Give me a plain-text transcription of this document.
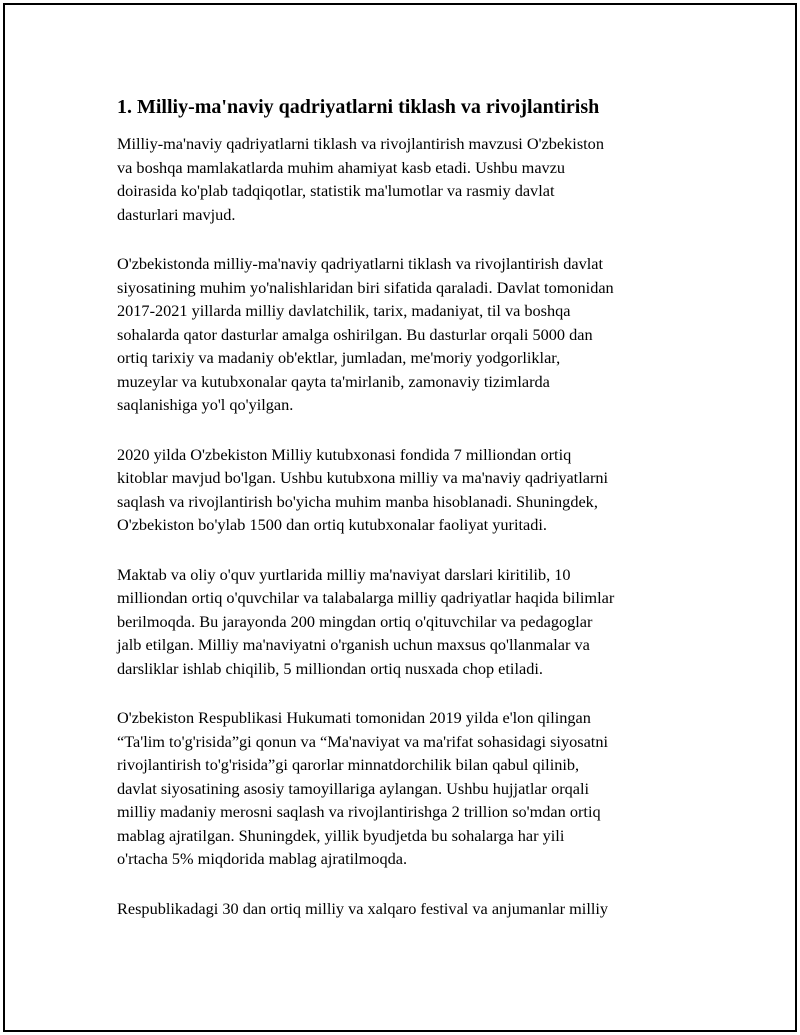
1. Milliy-ma'naviy qadriyatlarni tiklash va rivojlantirish
Milliy-ma'naviy qadriyatlarni tiklash va rivojlantirish mavzusi O'zbekiston
va boshqa mamlakatlarda muhim ahamiyat kasb etadi. Ushbu mavzu
doirasida ko'plab tadqiqotlar, statistik ma'lumotlar va rasmiy davlat
dasturlari mavjud.
O'zbekistonda milliy-ma'naviy qadriyatlarni tiklash va rivojlantirish davlat
siyosatining muhim yo'nalishlaridan biri sifatida qaraladi. Davlat tomonidan
2017-2021 yillarda milliy davlatchilik, tarix, madaniyat, til va boshqa
sohalarda qator dasturlar amalga oshirilgan. Bu dasturlar orqali 5000 dan
ortiq tarixiy va madaniy ob'ektlar, jumladan, me'moriy yodgorliklar,
muzeylar va kutubxonalar qayta ta'mirlanib, zamonaviy tizimlarda
saqlanishiga yo'l qo'yilgan.
2020 yilda O'zbekiston Milliy kutubxonasi fondida 7 milliondan ortiq
kitoblar mavjud bo'lgan. Ushbu kutubxona milliy va ma'naviy qadriyatlarni
saqlash va rivojlantirish bo'yicha muhim manba hisoblanadi. Shuningdek,
O'zbekiston bo'ylab 1500 dan ortiq kutubxonalar faoliyat yuritadi.
Maktab va oliy o'quv yurtlarida milliy ma'naviyat darslari kiritilib, 10
milliondan ortiq o'quvchilar va talabalarga milliy qadriyatlar haqida bilimlar
berilmoqda. Bu jarayonda 200 mingdan ortiq o'qituvchilar va pedagoglar
jalb etilgan. Milliy ma'naviyatni o'rganish uchun maxsus qo'llanmalar va
darsliklar ishlab chiqilib, 5 milliondan ortiq nusxada chop etiladi.
O'zbekiston Respublikasi Hukumati tomonidan 2019 yilda e'lon qilingan
“Ta'lim to'g'risida”gi qonun va “Ma'naviyat va ma'rifat sohasidagi siyosatni
rivojlantirish to'g'risida”gi qarorlar minnatdorchilik bilan qabul qilinib,
davlat siyosatining asosiy tamoyillariga aylangan. Ushbu hujjatlar orqali
milliy madaniy merosni saqlash va rivojlantirishga 2 trillion so'mdan ortiq
mablag ajratilgan. Shuningdek, yillik byudjetda bu sohalarga har yili
o'rtacha 5% miqdorida mablag ajratilmoqda.
Respublikadagi 30 dan ortiq milliy va xalqaro festival va anjumanlar milliy
